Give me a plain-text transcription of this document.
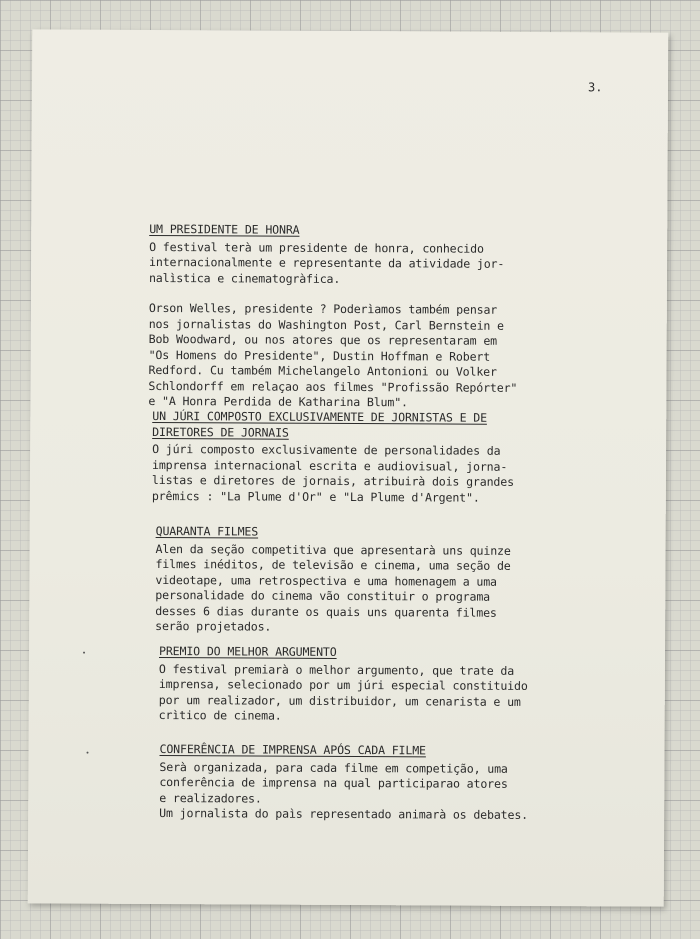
3.
UM PRESIDENTE DE HONRA

O festival terà um presidente de honra, conhecido
internacionalmente e representante da atividade jor-
nalìstica e cinematogràfica.

Orson Welles, presidente ? Poderìamos também pensar
nos jornalistas do Washington Post, Carl Bernstein e
Bob Woodward, ou nos atores que os representaram em
"Os Homens do Presidente", Dustin Hoffman e Robert
Redford. Cu também Michelangelo Antonioni ou Volker
Schlondorff em relaçao aos filmes "Profissão Repórter"
e "A Honra Perdida de Katharina Blum".

UN JÚRI COMPOSTO EXCLUSIVAMENTE DE JORNISTAS E DE
DIRETORES DE JORNAIS

O júri composto exclusivamente de personalidades da
imprensa internacional escrita e audiovisual, jorna-
listas e diretores de jornais, atribuirà dois grandes
prêmics : "La Plume d'Or" e "La Plume d'Argent".

QUARANTA FILMES

Alen da seção competitiva que apresentarà uns quinze
filmes inéditos, de televisão e cinema, uma seção de
videotape, uma retrospectiva e uma homenagem a uma
personalidade do cinema vão constituir o programa
desses 6 dias durante os quais uns quarenta filmes
serão projetados.

PREMIO DO MELHOR ARGUMENTO

O festival premiarà o melhor argumento, que trate da
imprensa, selecionado por um júri especial constituido
por um realizador, um distribuidor, um cenarista e um
crìtico de cinema.

CONFERÊNCIA DE IMPRENSA APÓS CADA FILME

Serà organizada, para cada filme em competição, uma
conferência de imprensa na qual participarao atores
e realizadores.
Um jornalista do paìs representado animarà os debates.
